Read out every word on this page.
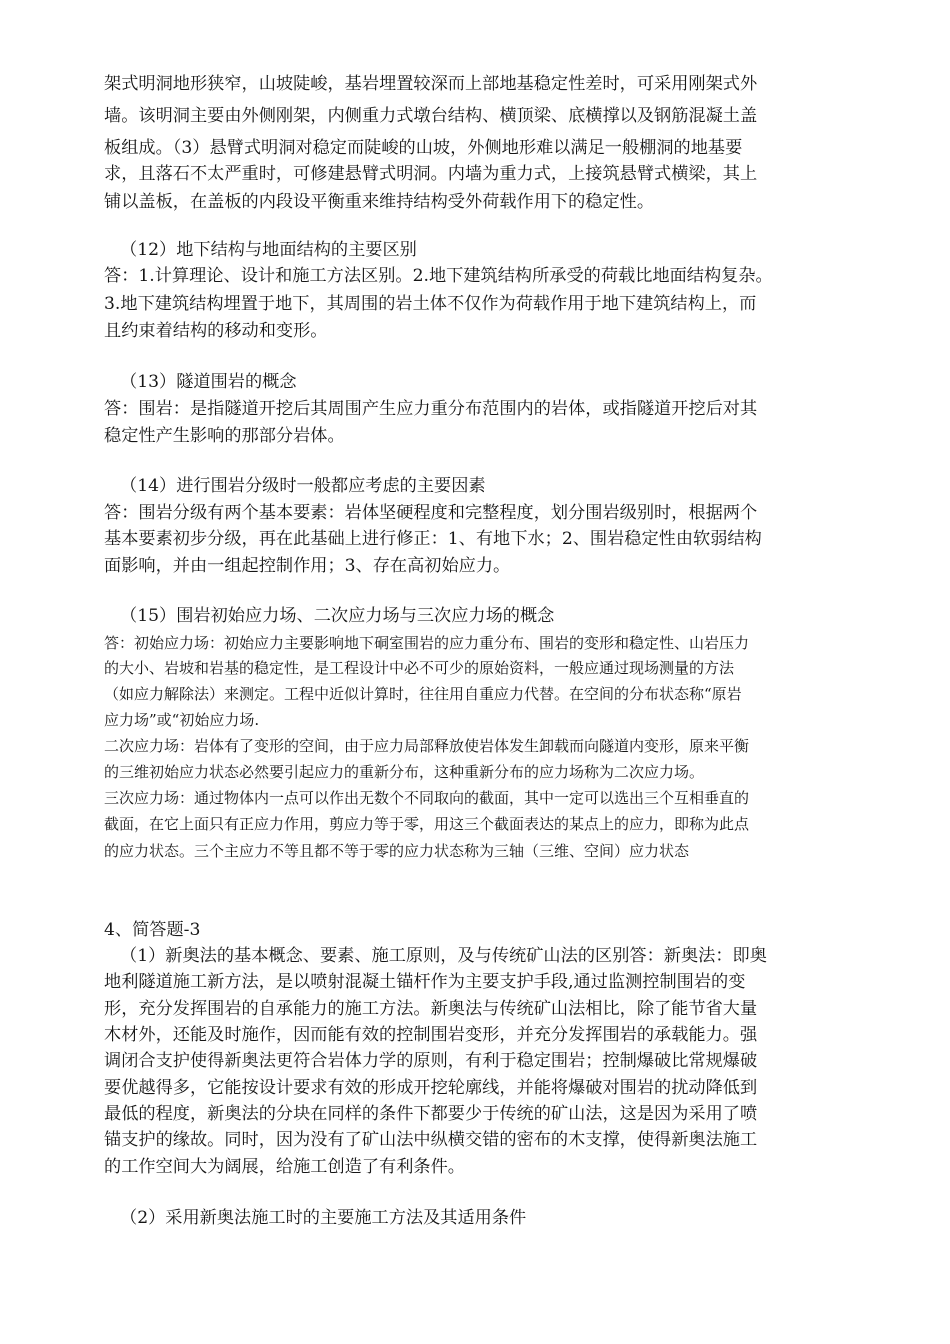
架式明洞地形狭窄，山坡陡峻，基岩埋置较深而上部地基稳定性差时，可采用刚架式外
墙。该明洞主要由外侧刚架，内侧重力式墩台结构、横顶梁、底横撑以及钢筋混凝土盖
板组成。（3）悬臂式明洞对稳定而陡峻的山坡，外侧地形难以满足一般棚洞的地基要
求，且落石不太严重时，可修建悬臂式明洞。内墙为重力式，上接筑悬臂式横梁，其上
铺以盖板，在盖板的内段设平衡重来维持结构受外荷载作用下的稳定性。
（12）地下结构与地面结构的主要区别
答：1.计算理论、设计和施工方法区别。2.地下建筑结构所承受的荷载比地面结构复杂。
3.地下建筑结构埋置于地下，其周围的岩土体不仅作为荷载作用于地下建筑结构上，而
且约束着结构的移动和变形。
（13）隧道围岩的概念
答：围岩：是指隧道开挖后其周围产生应力重分布范围内的岩体，或指隧道开挖后对其
稳定性产生影响的那部分岩体。
（14）进行围岩分级时一般都应考虑的主要因素
答：围岩分级有两个基本要素：岩体坚硬程度和完整程度，划分围岩级别时，根据两个
基本要素初步分级，再在此基础上进行修正：1、有地下水；2、围岩稳定性由软弱结构
面影响，并由一组起控制作用；3、存在高初始应力。
（15）围岩初始应力场、二次应力场与三次应力场的概念
答：初始应力场：初始应力主要影响地下硐室围岩的应力重分布、围岩的变形和稳定性、山岩压力
的大小、岩坡和岩基的稳定性，是工程设计中必不可少的原始资料，一般应通过现场测量的方法
（如应力解除法）来测定。工程中近似计算时，往往用自重应力代替。在空间的分布状态称“原岩
应力场”或“初始应力场.
二次应力场：岩体有了变形的空间，由于应力局部释放使岩体发生卸载而向隧道内变形，原来平衡
的三维初始应力状态必然要引起应力的重新分布，这种重新分布的应力场称为二次应力场。
三次应力场：通过物体内一点可以作出无数个不同取向的截面，其中一定可以选出三个互相垂直的
截面，在它上面只有正应力作用，剪应力等于零，用这三个截面表达的某点上的应力，即称为此点
的应力状态。三个主应力不等且都不等于零的应力状态称为三轴（三维、空间）应力状态
4、简答题-3
（1）新奥法的基本概念、要素、施工原则，及与传统矿山法的区别答：新奥法：即奥
地利隧道施工新方法，是以喷射混凝土锚杆作为主要支护手段,通过监测控制围岩的变
形，充分发挥围岩的自承能力的施工方法。新奥法与传统矿山法相比，除了能节省大量
木材外，还能及时施作，因而能有效的控制围岩变形，并充分发挥围岩的承载能力。强
调闭合支护使得新奥法更符合岩体力学的原则，有利于稳定围岩；控制爆破比常规爆破
要优越得多，它能按设计要求有效的形成开挖轮廓线，并能将爆破对围岩的扰动降低到
最低的程度，新奥法的分块在同样的条件下都要少于传统的矿山法，这是因为采用了喷
锚支护的缘故。同时，因为没有了矿山法中纵横交错的密布的木支撑，使得新奥法施工
的工作空间大为阔展，给施工创造了有利条件。
（2）采用新奥法施工时的主要施工方法及其适用条件
